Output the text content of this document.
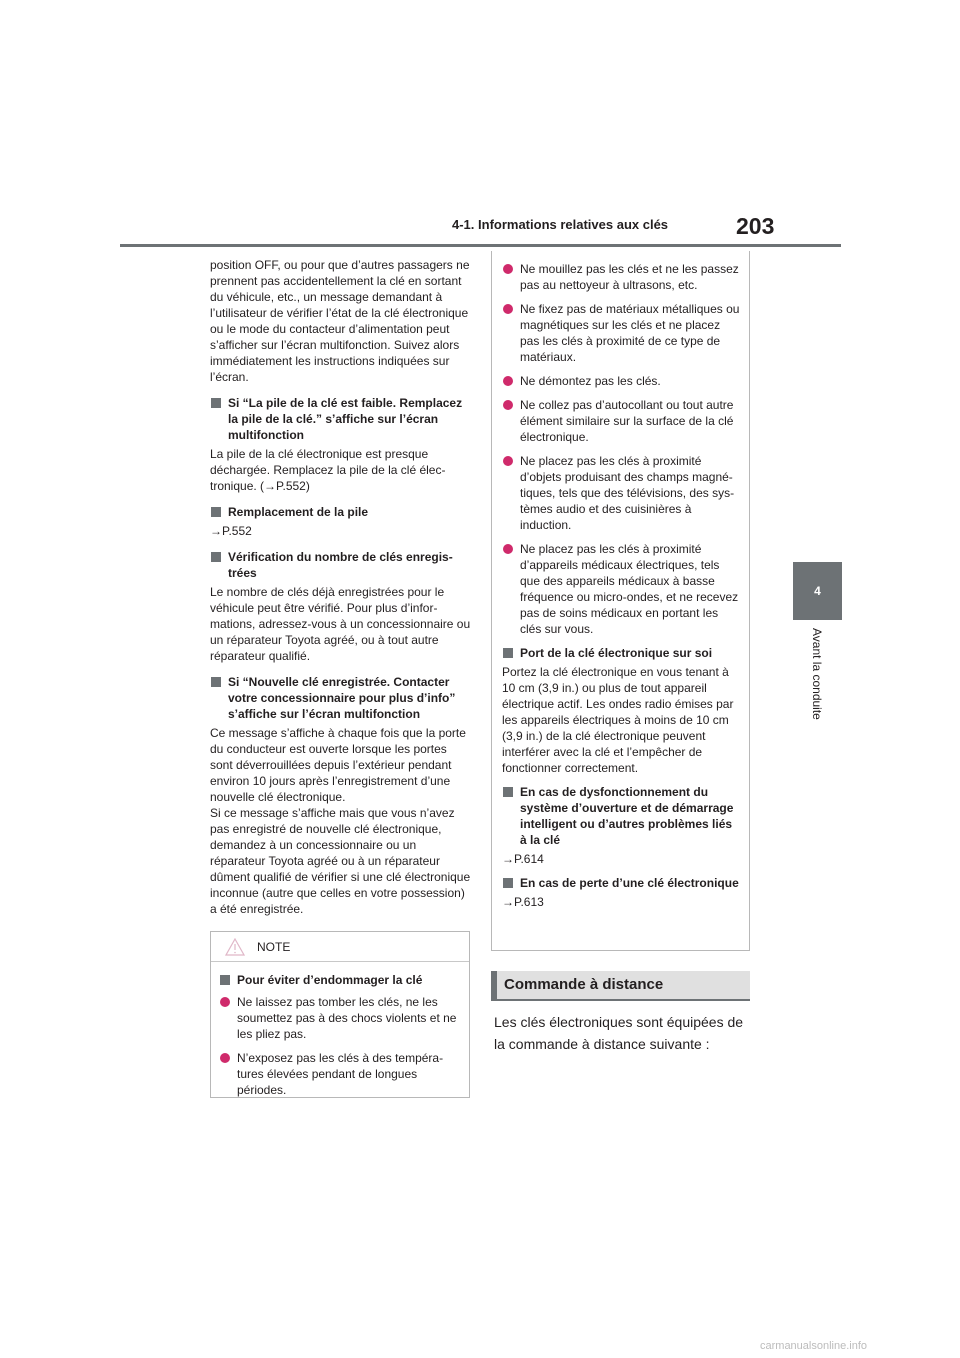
4-1. Informations relatives aux clés	203
4
Avant la conduite

position OFF, ou pour que d’autres passagers ne prennent pas accidentellement la clé en sortant du véhicule, etc., un message demandant à l’utilisateur de vérifier l’état de la clé électronique ou le mode du contacteur d’alimentation peut s’afficher sur l’écran multifonction. Suivez alors immédiatement les instructions indiquées sur l’écran.

Si “La pile de la clé est faible. Remplacez la pile de la clé.” s’affiche sur l’écran multifonction

La pile de la clé électronique est presque déchargée. Remplacez la pile de la clé électronique. (→P.552)

Remplacement de la pile

→P.552

Vérification du nombre de clés enregistrées

Le nombre de clés déjà enregistrées pour le véhicule peut être vérifié. Pour plus d’informations, adressez-vous à un concessionnaire ou un réparateur Toyota agréé, ou à tout autre réparateur qualifié.

Si “Nouvelle clé enregistrée. Contacter votre concessionnaire pour plus d’info” s’affiche sur l’écran multifonction

Ce message s’affiche à chaque fois que la porte du conducteur est ouverte lorsque les portes sont déverrouillées depuis l’extérieur pendant environ 10 jours après l’enregistrement d’une nouvelle clé électronique.

Si ce message s’affiche mais que vous n’avez pas enregistré de nouvelle clé électronique, demandez à un concessionnaire ou un réparateur Toyota agréé ou à un réparateur dûment qualifié de vérifier si une clé électronique inconnue (autre que celles en votre possession) a été enregistrée.

NOTE
Pour éviter d’endommager la clé
Ne laissez pas tomber les clés, ne les soumettez pas à des chocs violents et ne les pliez pas.
N’exposez pas les clés à des températures élevées pendant de longues périodes.
Ne mouillez pas les clés et ne les passez pas au nettoyeur à ultrasons, etc.
Ne fixez pas de matériaux métalliques ou magnétiques sur les clés et ne placez pas les clés à proximité de ce type de matériaux.
Ne démontez pas les clés.
Ne collez pas d’autocollant ou tout autre élément similaire sur la surface de la clé électronique.
Ne placez pas les clés à proximité d’objets produisant des champs magnétiques, tels que des télévisions, des systèmes audio et des cuisinières à induction.
Ne placez pas les clés à proximité d’appareils médicaux électriques, tels que des appareils médicaux à basse fréquence ou micro-ondes, et ne recevez pas de soins médicaux en portant les clés sur vous.
Port de la clé électronique sur soi

Portez la clé électronique en vous tenant à 10 cm (3,9 in.) ou plus de tout appareil électrique actif. Les ondes radio émises par les appareils électriques à moins de 10 cm (3,9 in.) de la clé électronique peuvent interférer avec la clé et l’empêcher de fonctionner correctement.

En cas de dysfonctionnement du système d’ouverture et de démarrage intelligent ou d’autres problèmes liés à la clé

→P.614

En cas de perte d’une clé électronique

→P.613

Commande à distance
Les clés électroniques sont équipées de la commande à distance suivante :
carmanualsonline.info
